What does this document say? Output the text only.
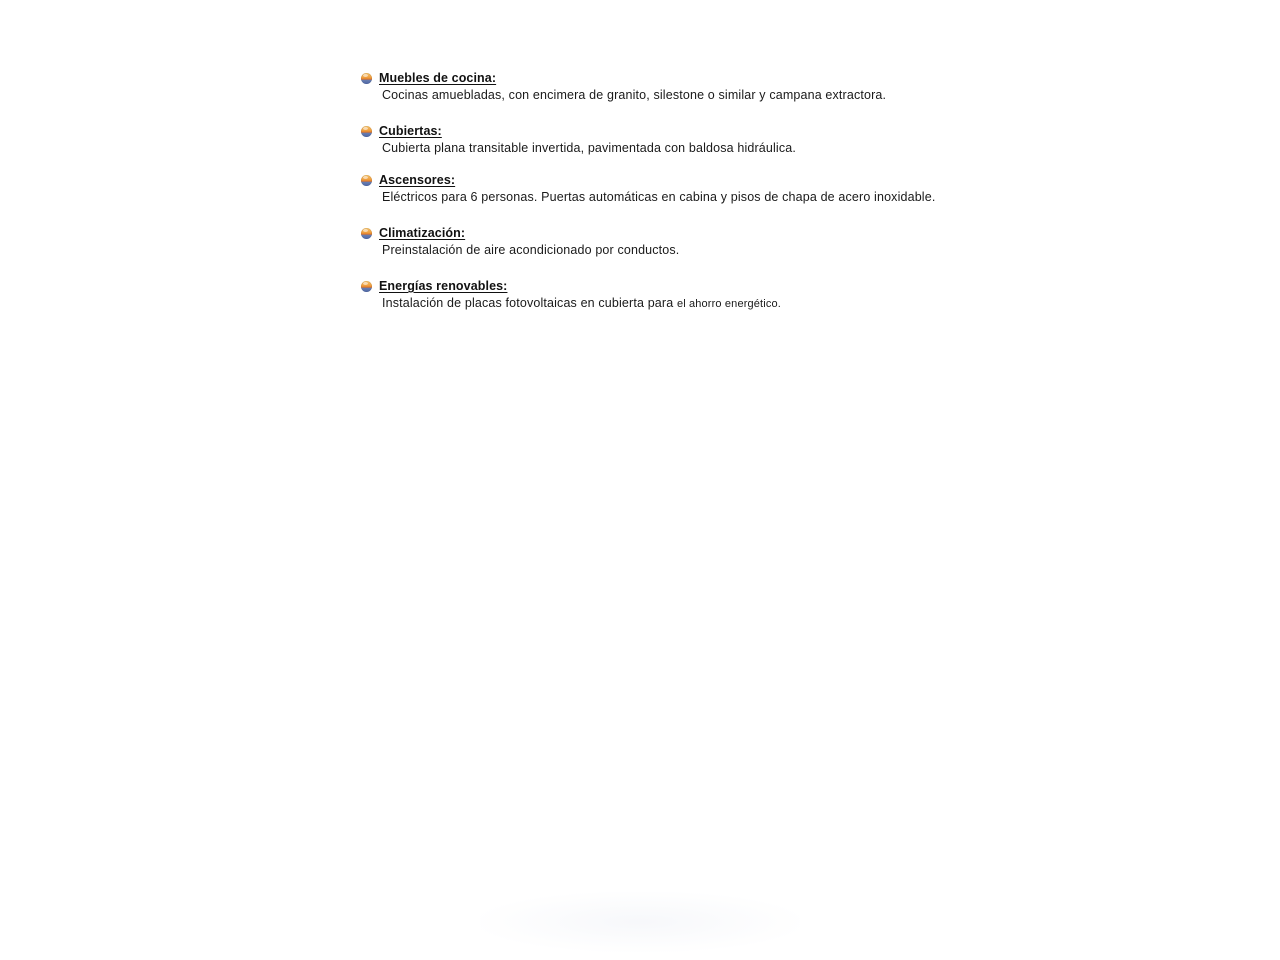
Muebles de cocina:
Cocinas amuebladas, con encimera de granito, silestone o similar y campana extractora.
Cubiertas:
Cubierta plana transitable invertida, pavimentada con baldosa hidráulica.
Ascensores:
Eléctricos para 6 personas. Puertas automáticas en cabina y pisos de chapa de acero inoxidable.
Climatización:
Preinstalación de aire acondicionado por conductos.
Energías renovables:
Instalación de placas fotovoltaicas en cubierta para el ahorro energético.
